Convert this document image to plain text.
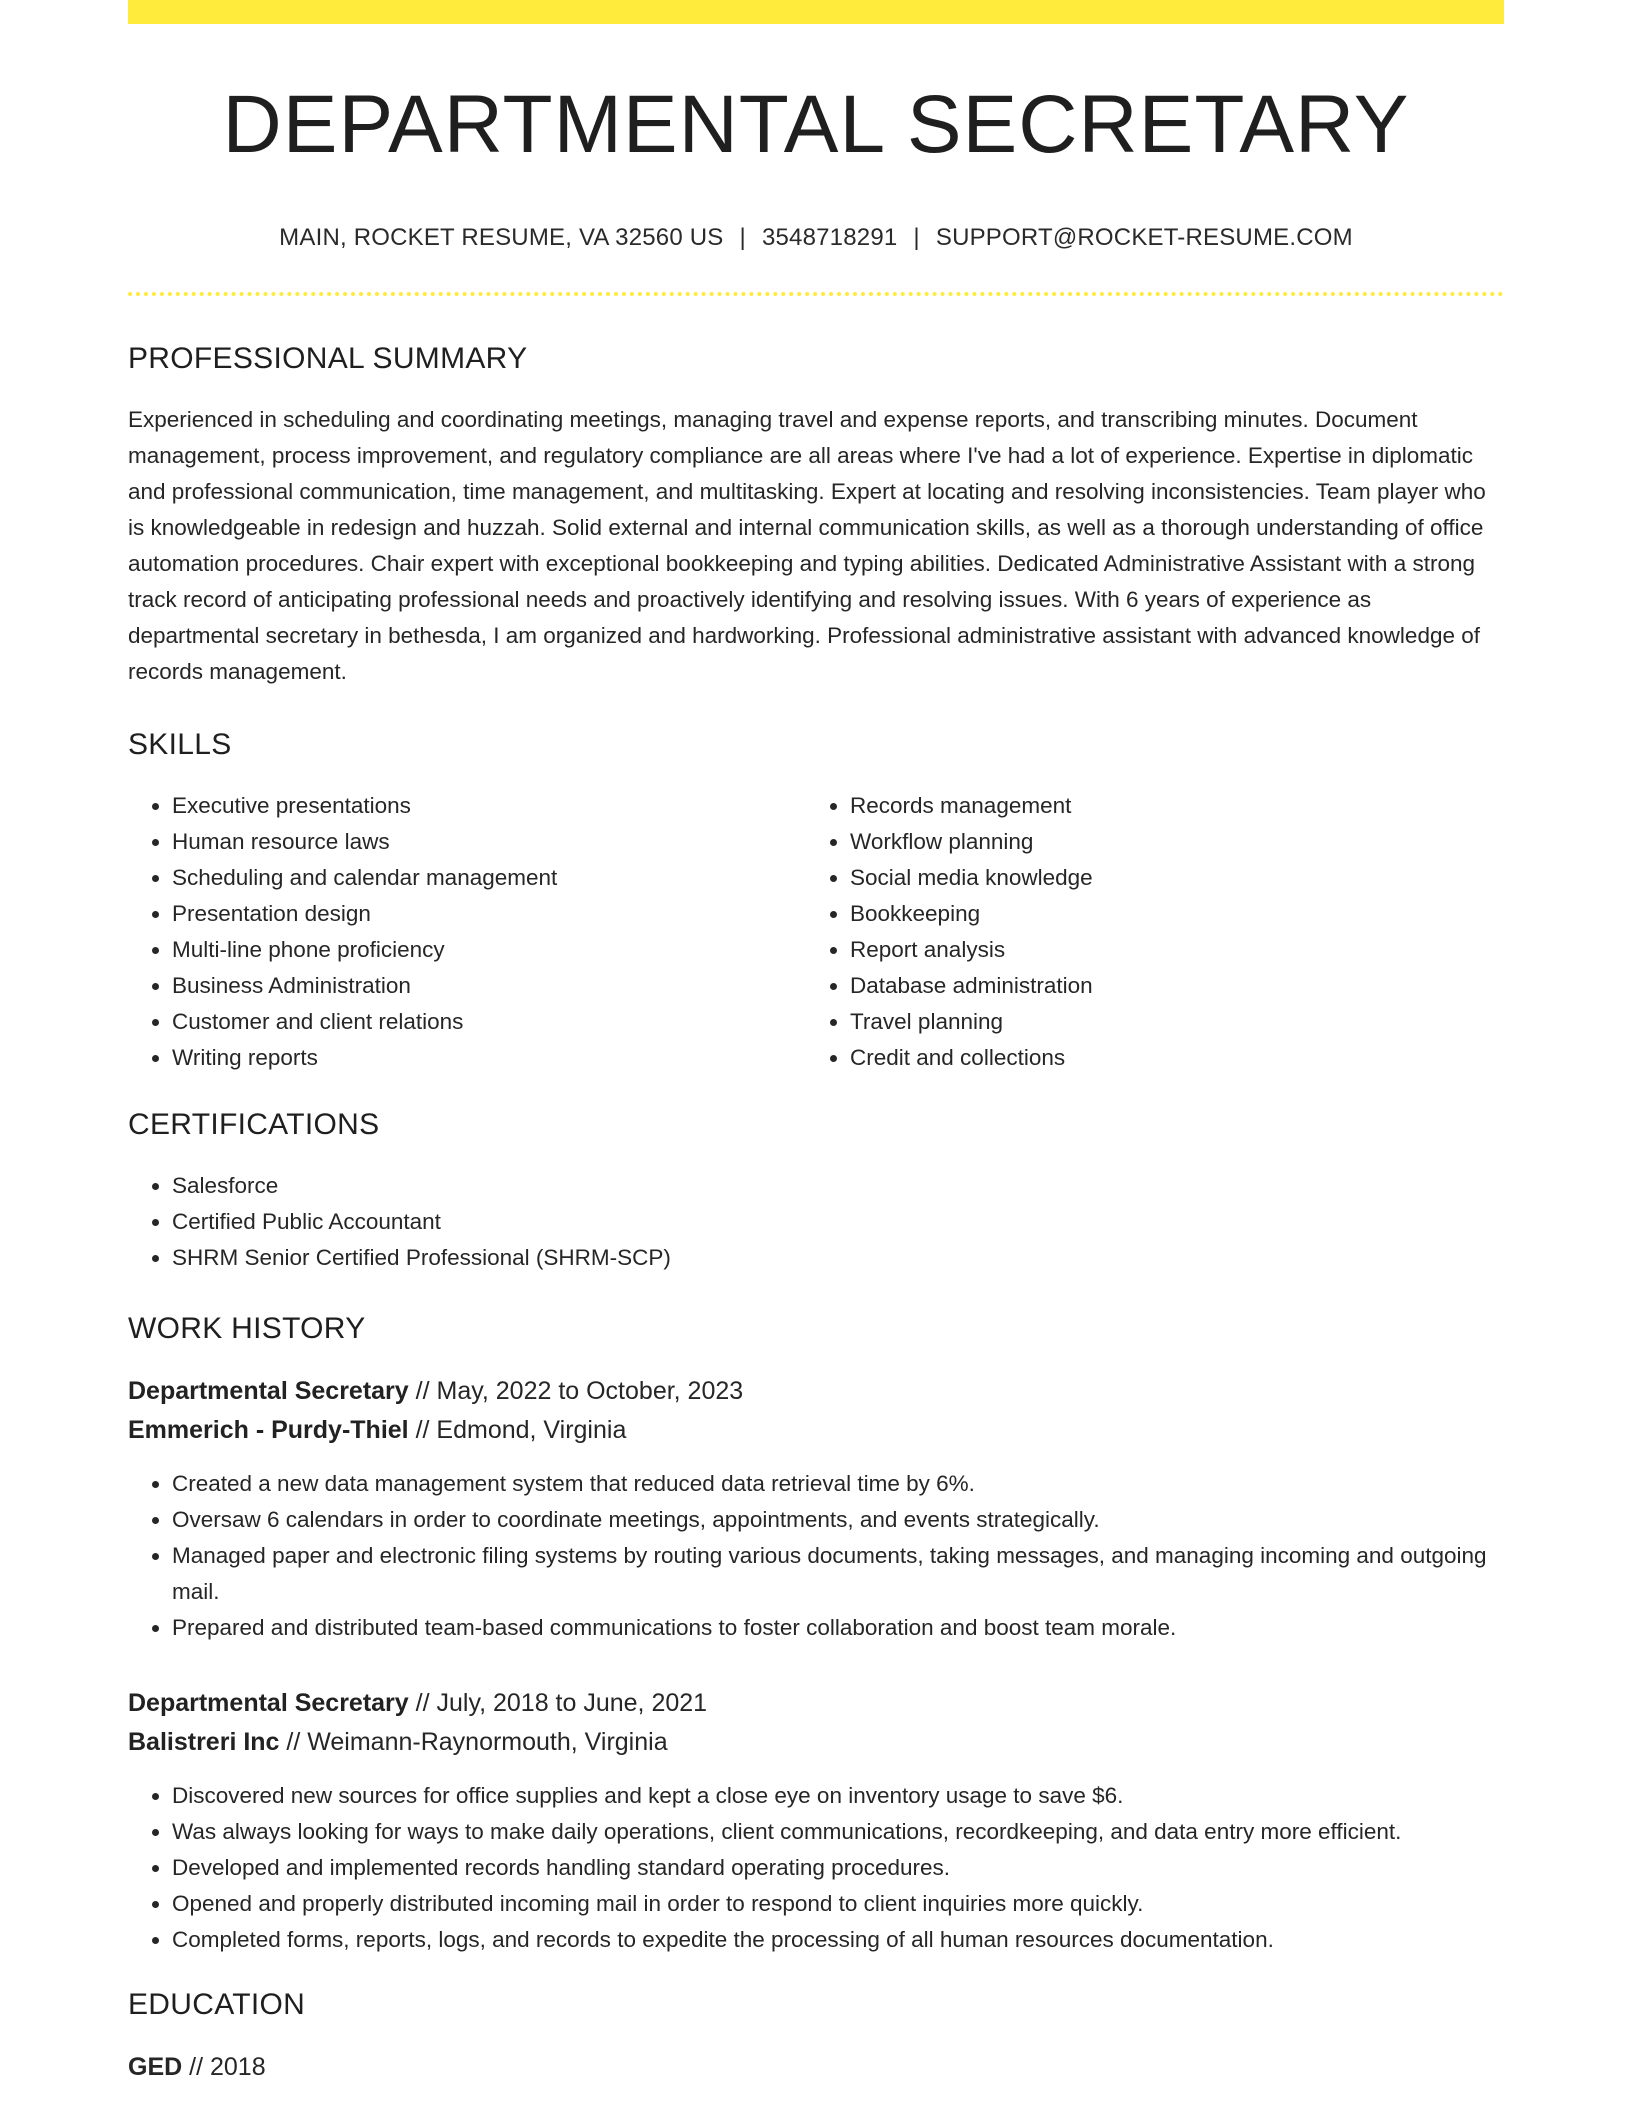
DEPARTMENTAL SECRETARY
MAIN, ROCKET RESUME, VA 32560 US | 3548718291 | SUPPORT@ROCKET-RESUME.COM
PROFESSIONAL SUMMARY

Experienced in scheduling and coordinating meetings, managing travel and expense reports, and transcribing minutes. Document management, process improvement, and regulatory compliance are all areas where I've had a lot of experience. Expertise in diplomatic and professional communication, time management, and multitasking. Expert at locating and resolving inconsistencies. Team player who is knowledgeable in redesign and huzzah. Solid external and internal communication skills, as well as a thorough understanding of office automation procedures. Chair expert with exceptional bookkeeping and typing abilities. Dedicated Administrative Assistant with a strong track record of anticipating professional needs and proactively identifying and resolving issues. With 6 years of experience as departmental secretary in bethesda, I am organized and hardworking. Professional administrative assistant with advanced knowledge of records management.

SKILLS
• Executive presentations
• Human resource laws
• Scheduling and calendar management
• Presentation design
• Multi-line phone proficiency
• Business Administration
• Customer and client relations
• Writing reports
• Records management
• Workflow planning
• Social media knowledge
• Bookkeeping
• Report analysis
• Database administration
• Travel planning
• Credit and collections
CERTIFICATIONS
• Salesforce
• Certified Public Accountant
• SHRM Senior Certified Professional (SHRM-SCP)
WORK HISTORY
Departmental Secretary // May, 2022 to October, 2023
Emmerich - Purdy-Thiel // Edmond, Virginia
• Created a new data management system that reduced data retrieval time by 6%.
• Oversaw 6 calendars in order to coordinate meetings, appointments, and events strategically.
• Managed paper and electronic filing systems by routing various documents, taking messages, and managing incoming and outgoing mail.
• Prepared and distributed team-based communications to foster collaboration and boost team morale.
Departmental Secretary // July, 2018 to June, 2021
Balistreri Inc // Weimann-Raynormouth, Virginia
• Discovered new sources for office supplies and kept a close eye on inventory usage to save $6.
• Was always looking for ways to make daily operations, client communications, recordkeeping, and data entry more efficient.
• Developed and implemented records handling standard operating procedures.
• Opened and properly distributed incoming mail in order to respond to client inquiries more quickly.
• Completed forms, reports, logs, and records to expedite the processing of all human resources documentation.
EDUCATION
GED // 2018
